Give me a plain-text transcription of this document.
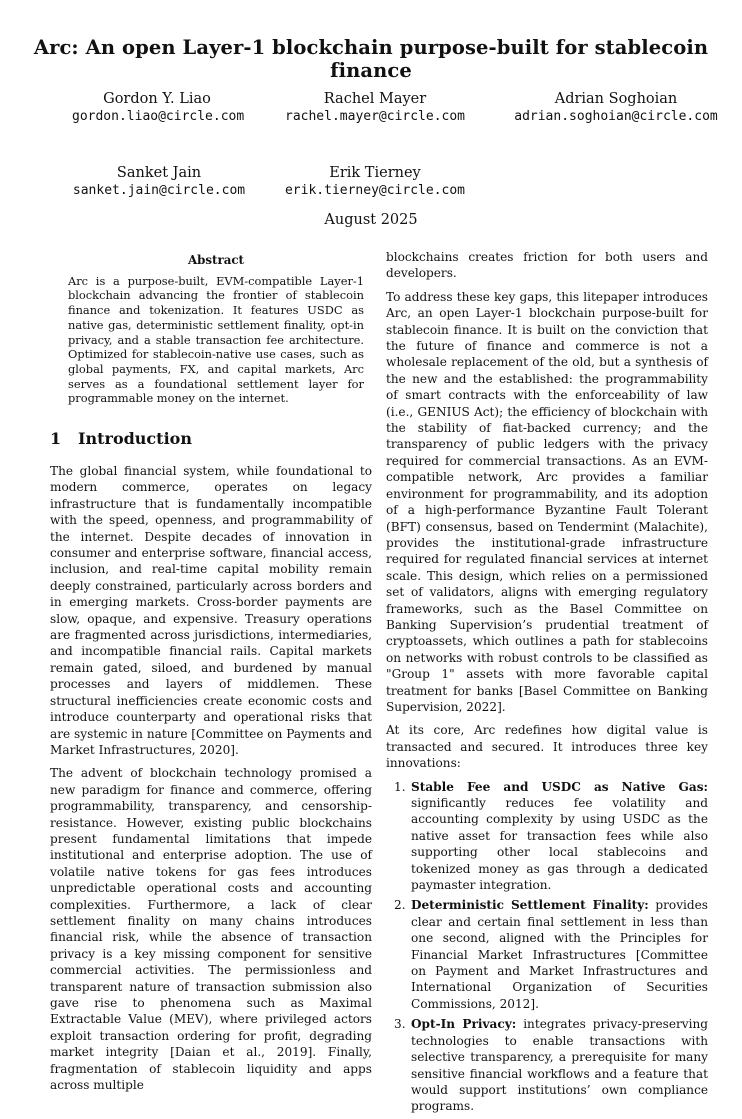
Arc: An open Layer-1 blockchain purpose-built for stablecoin finance
Gordon Y. Liao
gordon.liao@circle.com
Rachel Mayer
rachel.mayer@circle.com
Adrian Soghoian
adrian.soghoian@circle.com
Sanket Jain
sanket.jain@circle.com
Erik Tierney
erik.tierney@circle.com
August 2025
Abstract
Arc is a purpose-built, EVM-compatible Layer-1 blockchain advancing the frontier of stablecoin finance and tokenization. It features USDC as native gas, deterministic settlement finality, opt-in privacy, and a stable transaction fee architecture. Optimized for stablecoin-native use cases, such as global payments, FX, and capital markets, Arc serves as a foundational settlement layer for programmable money on the internet.
1 Introduction

The global financial system, while foundational to modern commerce, operates on legacy infrastructure that is fundamentally incompatible with the speed, openness, and programmability of the internet. Despite decades of innovation in consumer and enterprise software, financial access, inclusion, and real-time capital mobility remain deeply constrained, particularly across borders and in emerging markets. Cross-border payments are slow, opaque, and expensive. Treasury operations are fragmented across jurisdictions, intermediaries, and incompatible financial rails. Capital markets remain gated, siloed, and burdened by manual processes and layers of middlemen. These structural inefficiencies create economic costs and introduce counterparty and operational risks that are systemic in nature [Committee on Payments and Market Infrastructures, 2020].

The advent of blockchain technology promised a new paradigm for finance and commerce, offering programmability, transparency, and censorship-resistance. However, existing public blockchains present fundamental limitations that impede institutional and enterprise adoption. The use of volatile native tokens for gas fees introduces unpredictable operational costs and accounting complexities. Furthermore, a lack of clear settlement finality on many chains introduces financial risk, while the absence of transaction privacy is a key missing component for sensitive commercial activities. The permissionless and transparent nature of transaction submission also gave rise to phenomena such as Maximal Extractable Value (MEV), where privileged actors exploit transaction ordering for profit, degrading market integrity [Daian et al., 2019]. Finally, fragmentation of stablecoin liquidity and apps across multiple

blockchains creates friction for both users and developers.

To address these key gaps, this litepaper introduces Arc, an open Layer-1 blockchain purpose-built for stablecoin finance. It is built on the conviction that the future of finance and commerce is not a wholesale replacement of the old, but a synthesis of the new and the established: the programmability of smart contracts with the enforceability of law (i.e., GENIUS Act); the efficiency of blockchain with the stability of fiat-backed currency; and the transparency of public ledgers with the privacy required for commercial transactions. As an EVM-compatible network, Arc provides a familiar environment for programmability, and its adoption of a high-performance Byzantine Fault Tolerant (BFT) consensus, based on Tendermint (Malachite), provides the institutional-grade infrastructure required for regulated financial services at internet scale. This design, which relies on a permissioned set of validators, aligns with emerging regulatory frameworks, such as the Basel Committee on Banking Supervision’s prudential treatment of cryptoassets, which outlines a path for stablecoins on networks with robust controls to be classified as "Group 1" assets with more favorable capital treatment for banks [Basel Committee on Banking Supervision, 2022].

At its core, Arc redefines how digital value is transacted and secured. It introduces three key innovations:

1. Stable Fee and USDC as Native Gas: significantly reduces fee volatility and accounting complexity by using USDC as the native asset for transaction fees while also supporting other local stablecoins and tokenized money as gas through a dedicated paymaster integration.
2. Deterministic Settlement Finality: provides clear and certain final settlement in less than one second, aligned with the Principles for Financial Market Infrastructures [Committee on Payment and Market Infrastructures and International Organization of Securities Commissions, 2012].
3. Opt-In Privacy: integrates privacy-preserving technologies to enable transactions with selective transparency, a prerequisite for many sensitive financial workflows and a feature that would support institutions’ own compliance programs.
